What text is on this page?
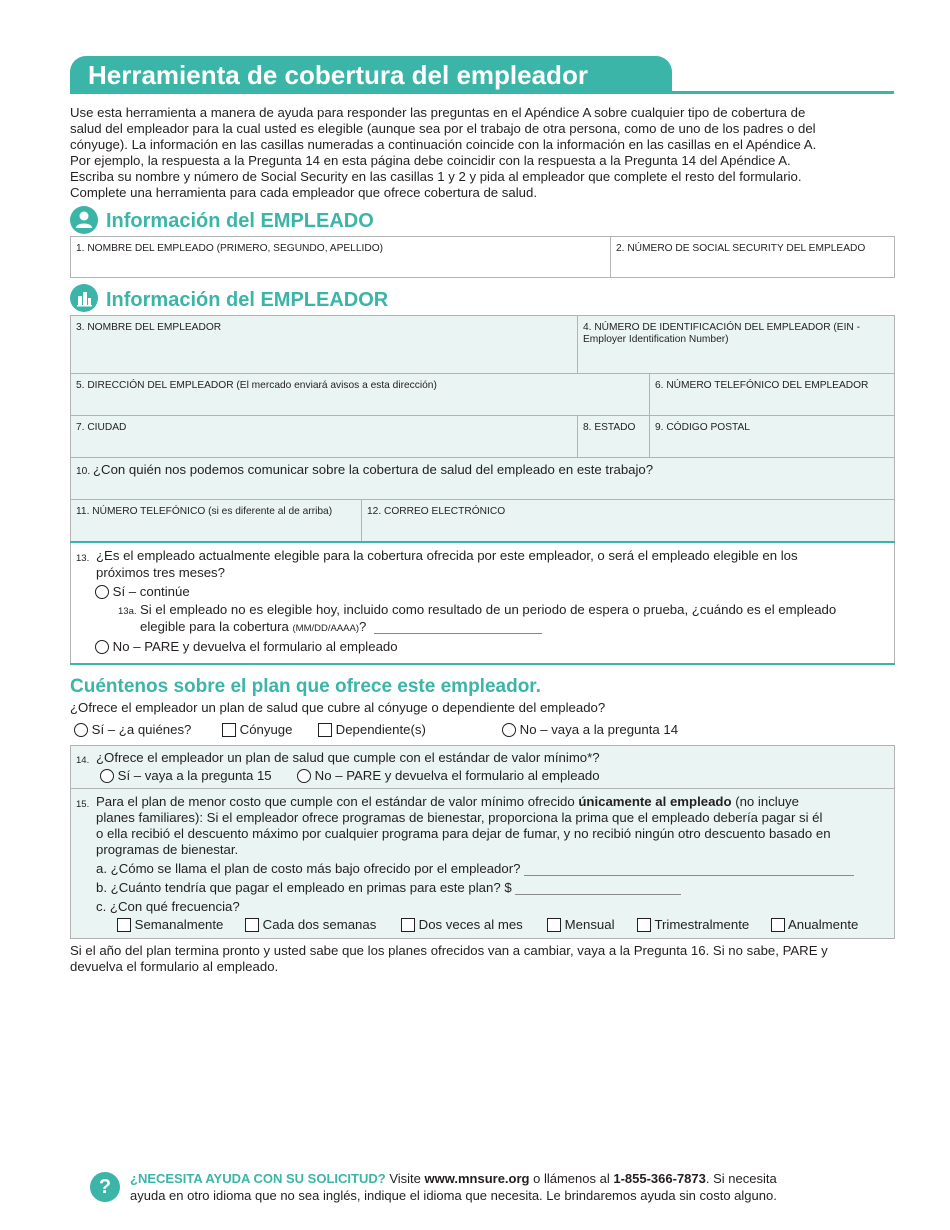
Herramienta de cobertura del empleador

Use esta herramienta a manera de ayuda para responder las preguntas en el Apéndice A sobre cualquier tipo de cobertura de

salud del empleador para la cual usted es elegible (aunque sea por el trabajo de otra persona, como de uno de los padres o del

cónyuge). La información en las casillas numeradas a continuación coincide con la información en las casillas en el Apéndice A.

Por ejemplo, la respuesta a la Pregunta 14 en esta página debe coincidir con la respuesta a la Pregunta 14 del Apéndice A.

Escriba su nombre y número de Social Security en las casillas 1 y 2 y pida al empleador que complete el resto del formulario.

Complete una herramienta para cada empleador que ofrece cobertura de salud.

Información del EMPLEADO
1. NOMBRE DEL EMPLEADO (PRIMERO, SEGUNDO, APELLIDO)	2. NÚMERO DE SOCIAL SECURITY DEL EMPLEADO
Información del EMPLEADOR
3. NOMBRE DEL EMPLEADOR	4. NÚMERO DE IDENTIFICACIÓN DEL EMPLEADOR (EIN -
Employer Identification Number)
5. DIRECCIÓN DEL EMPLEADOR (El mercado enviará avisos a esta dirección)	6. NÚMERO TELEFÓNICO DEL EMPLEADOR
7. CIUDAD	8. ESTADO 9. CÓDIGO POSTAL
10. ¿Con quién nos podemos comunicar sobre la cobertura de salud del empleado en este trabajo?
11. NÚMERO TELEFÓNICO (si es diferente al de arriba)	12. CORREO ELECTRÓNICO
13. ¿Es el empleado actualmente elegible para la cobertura ofrecida por este empleador, o será el empleado elegible en los
próximos tres meses?
Sí – continúe
13a. Si el empleado no es elegible hoy, incluido como resultado de un periodo de espera o prueba, ¿cuándo es el empleado
elegible para la cobertura (MM/DD/AAAA)?
No – PARE y devuelva el formulario al empleado
Cuéntenos sobre el plan que ofrece este empleador.
¿Ofrece el empleador un plan de salud que cubre al cónyuge o dependiente del empleado?
Sí – ¿a quiénes?	Cónyuge	Dependiente(s)	No – vaya a la pregunta 14
14. ¿Ofrece el empleador un plan de salud que cumple con el estándar de valor mínimo*?
Sí – vaya a la pregunta 15	No – PARE y devuelva el formulario al empleado
15. Para el plan de menor costo que cumple con el estándar de valor mínimo ofrecido únicamente al empleado (no incluye
planes familiares): Si el empleador ofrece programas de bienestar, proporciona la prima que el empleado debería pagar si él
o ella recibió el descuento máximo por cualquier programa para dejar de fumar, y no recibió ningún otro descuento basado en
programas de bienestar.
a. ¿Cómo se llama el plan de costo más bajo ofrecido por el empleador?
b. ¿Cuánto tendría que pagar el empleado en primas para este plan? $
c. ¿Con qué frecuencia?
Semanalmente	Cada dos semanas	Dos veces al mes	Mensual	Trimestralmente	Anualmente
Si el año del plan termina pronto y usted sabe que los planes ofrecidos van a cambiar, vaya a la Pregunta 16. Si no sabe, PARE y
devuelva el formulario al empleado.
?	¿NECESITA AYUDA CON SU SOLICITUD? Visite www.mnsure.org o llámenos al 1-855-366-7873. Si necesita
ayuda en otro idioma que no sea inglés, indique el idioma que necesita. Le brindaremos ayuda sin costo alguno.
